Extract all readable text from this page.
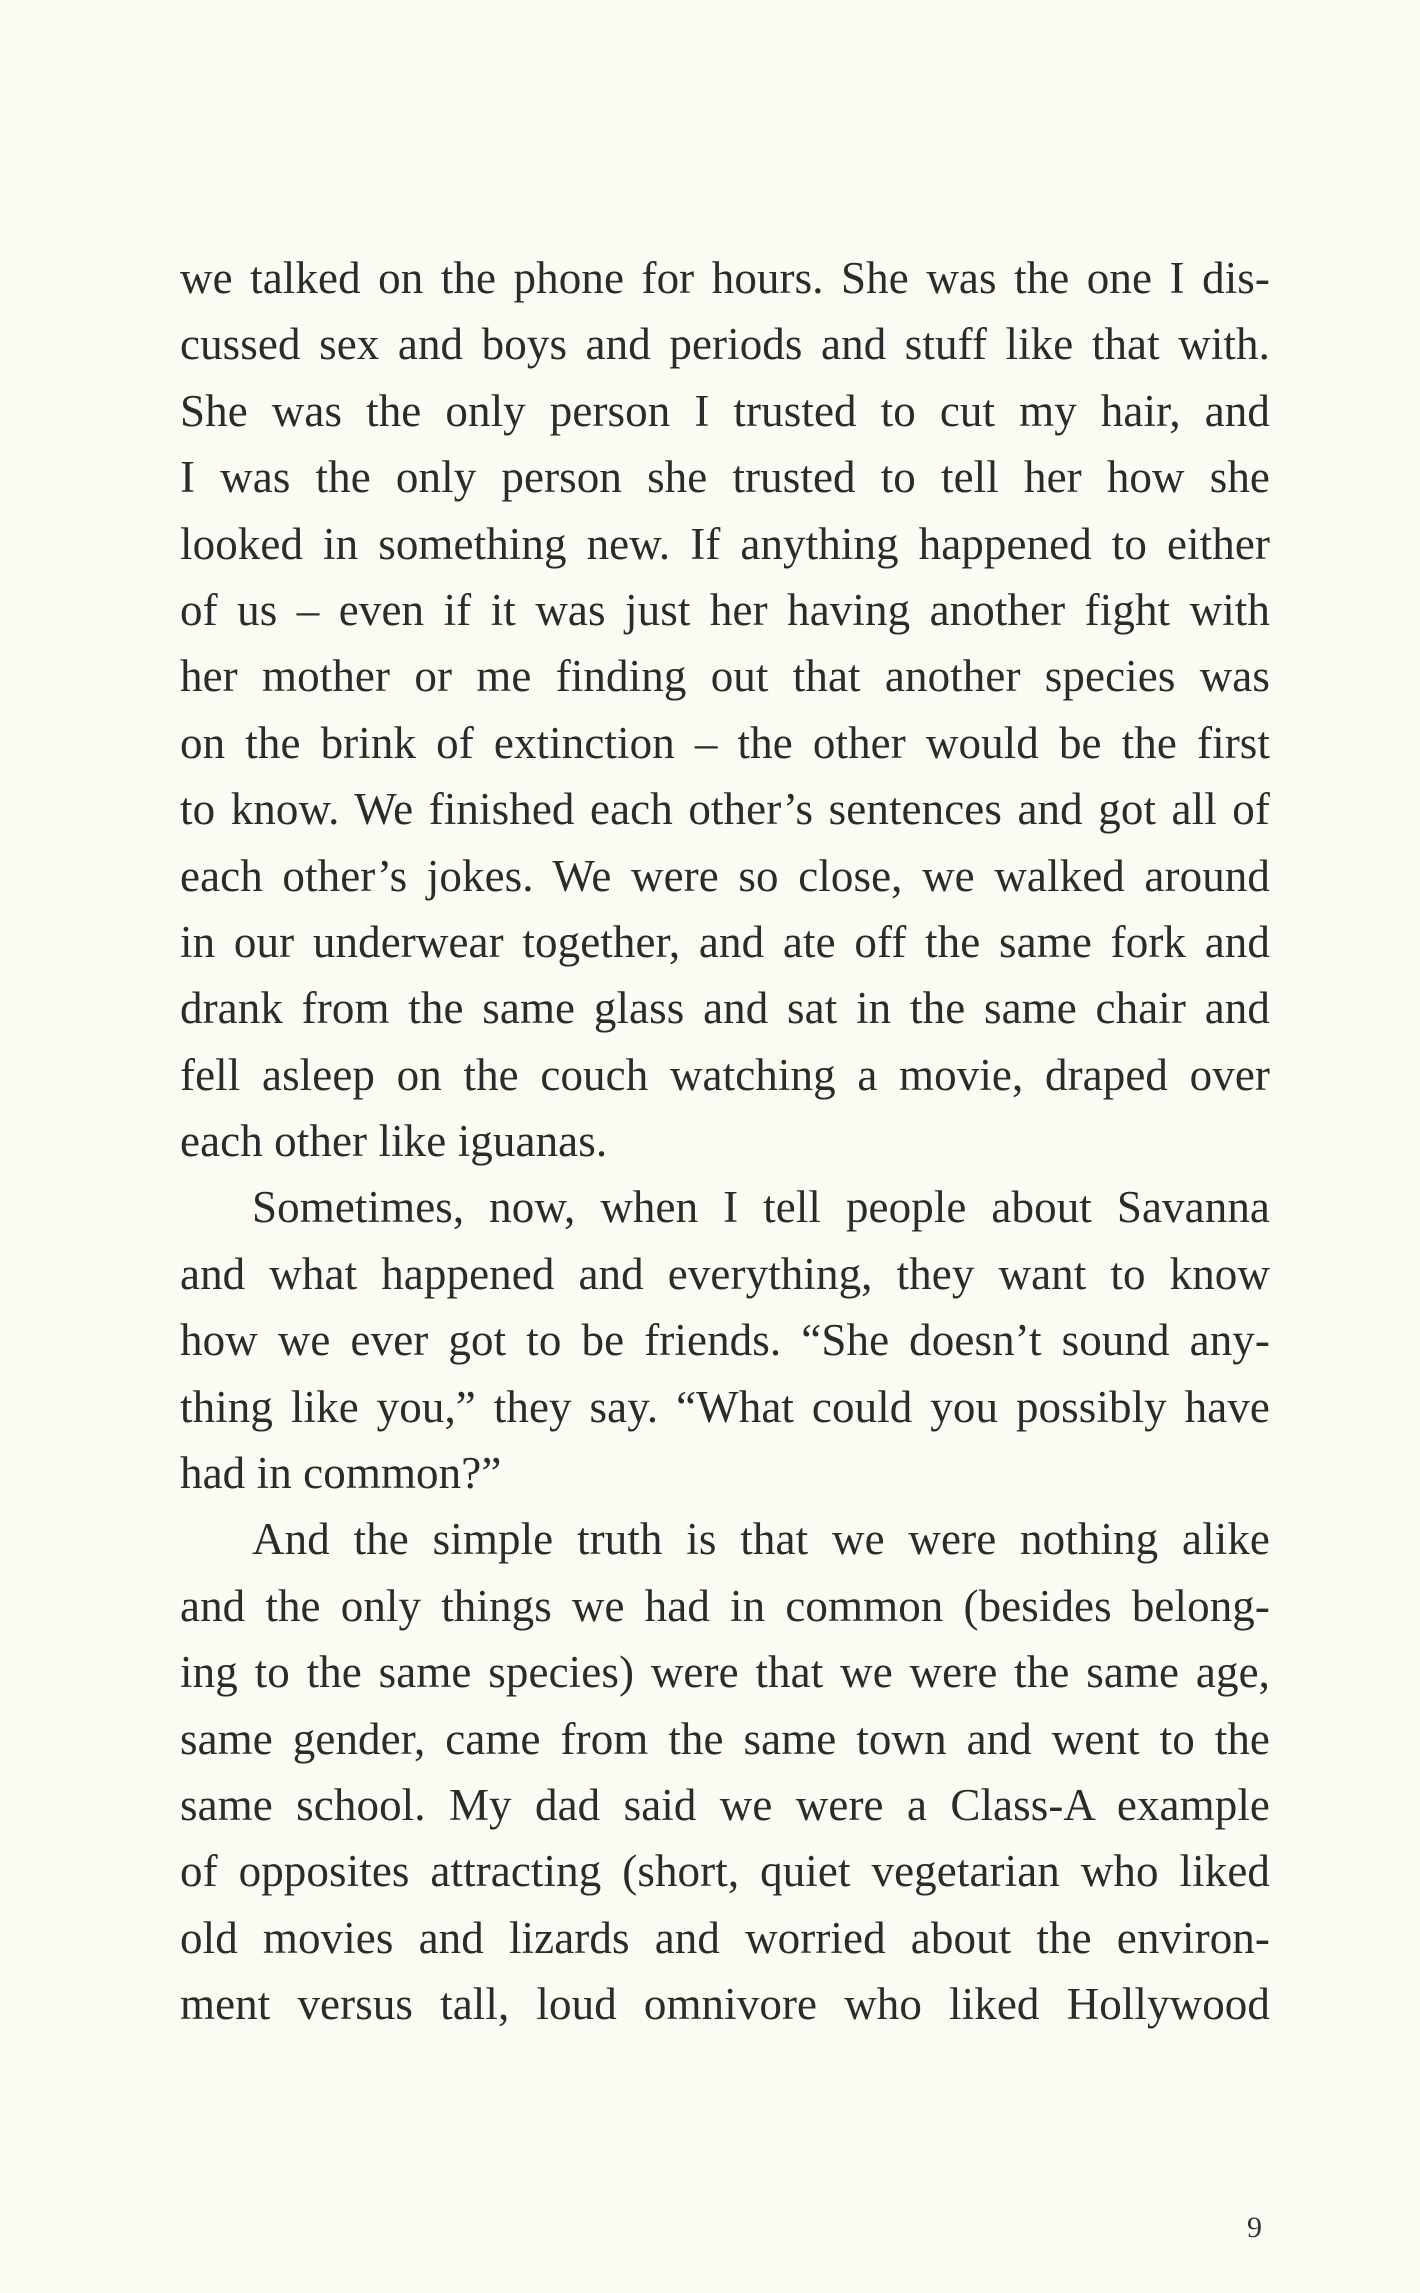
we talked on the phone for hours. She was the one I dis-
cussed sex and boys and periods and stuff like that with.
She was the only person I trusted to cut my hair, and
I was the only person she trusted to tell her how she
looked in something new. If anything happened to either
of us – even if it was just her having another fight with
her mother or me finding out that another species was
on the brink of extinction – the other would be the first
to know. We finished each other’s sentences and got all of
each other’s jokes. We were so close, we walked around
in our underwear together, and ate off the same fork and
drank from the same glass and sat in the same chair and
fell asleep on the couch watching a movie, draped over
each other like iguanas.
Sometimes, now, when I tell people about Savanna
and what happened and everything, they want to know
how we ever got to be friends. “She doesn’t sound any-
thing like you,” they say. “What could you possibly have
had in common?”
And the simple truth is that we were nothing alike
and the only things we had in common (besides belong-
ing to the same species) were that we were the same age,
same gender, came from the same town and went to the
same school. My dad said we were a Class-A example
of opposites attracting (short, quiet vegetarian who liked
old movies and lizards and worried about the environ-
ment versus tall, loud omnivore who liked Hollywood
9
